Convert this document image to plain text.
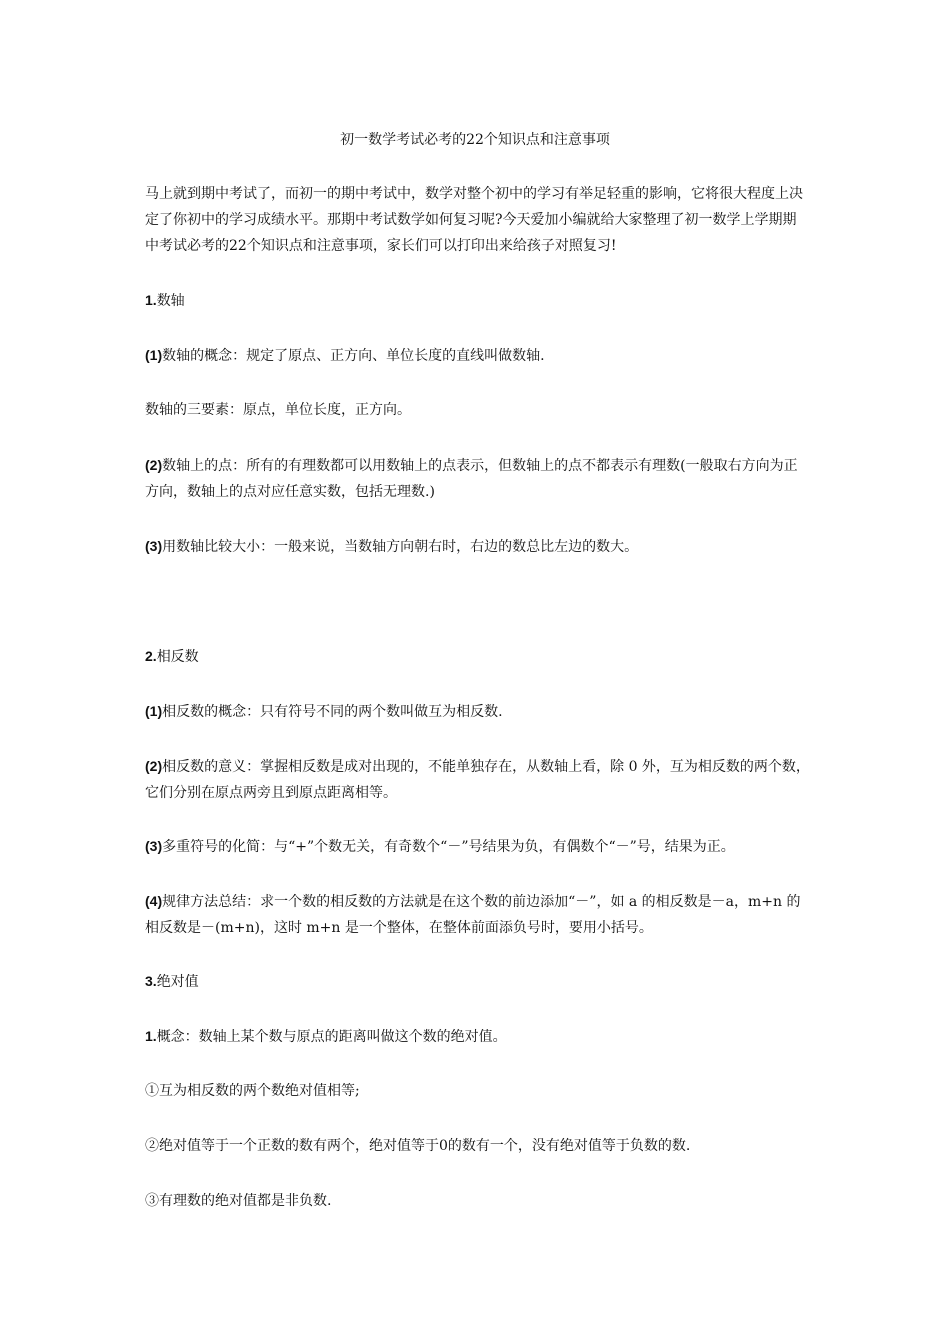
初一数学考试必考的22个知识点和注意事项
马上就到期中考试了，而初一的期中考试中，数学对整个初中的学习有举足轻重的影响，它将很大程度上决定了你初中的学习成绩水平。那期中考试数学如何复习呢?今天爱加小编就给大家整理了初一数学上学期期中考试必考的22个知识点和注意事项，家长们可以打印出来给孩子对照复习!
1.数轴
(1)数轴的概念：规定了原点、正方向、单位长度的直线叫做数轴.
数轴的三要素：原点，单位长度，正方向。
(2)数轴上的点：所有的有理数都可以用数轴上的点表示，但数轴上的点不都表示有理数(一般取右方向为正方向，数轴上的点对应任意实数，包括无理数.)
(3)用数轴比较大小：一般来说，当数轴方向朝右时，右边的数总比左边的数大。
2.相反数
(1)相反数的概念：只有符号不同的两个数叫做互为相反数.
(2)相反数的意义：掌握相反数是成对出现的，不能单独存在，从数轴上看，除 0 外，互为相反数的两个数，它们分别在原点两旁且到原点距离相等。
(3)多重符号的化简：与“+”个数无关，有奇数个“－”号结果为负，有偶数个“－”号，结果为正。
(4)规律方法总结：求一个数的相反数的方法就是在这个数的前边添加“－”，如 a 的相反数是－a，m+n 的相反数是－(m+n)，这时 m+n 是一个整体，在整体前面添负号时，要用小括号。
3.绝对值
1.概念：数轴上某个数与原点的距离叫做这个数的绝对值。
①互为相反数的两个数绝对值相等;
②绝对值等于一个正数的数有两个，绝对值等于0的数有一个，没有绝对值等于负数的数.
③有理数的绝对值都是非负数.
